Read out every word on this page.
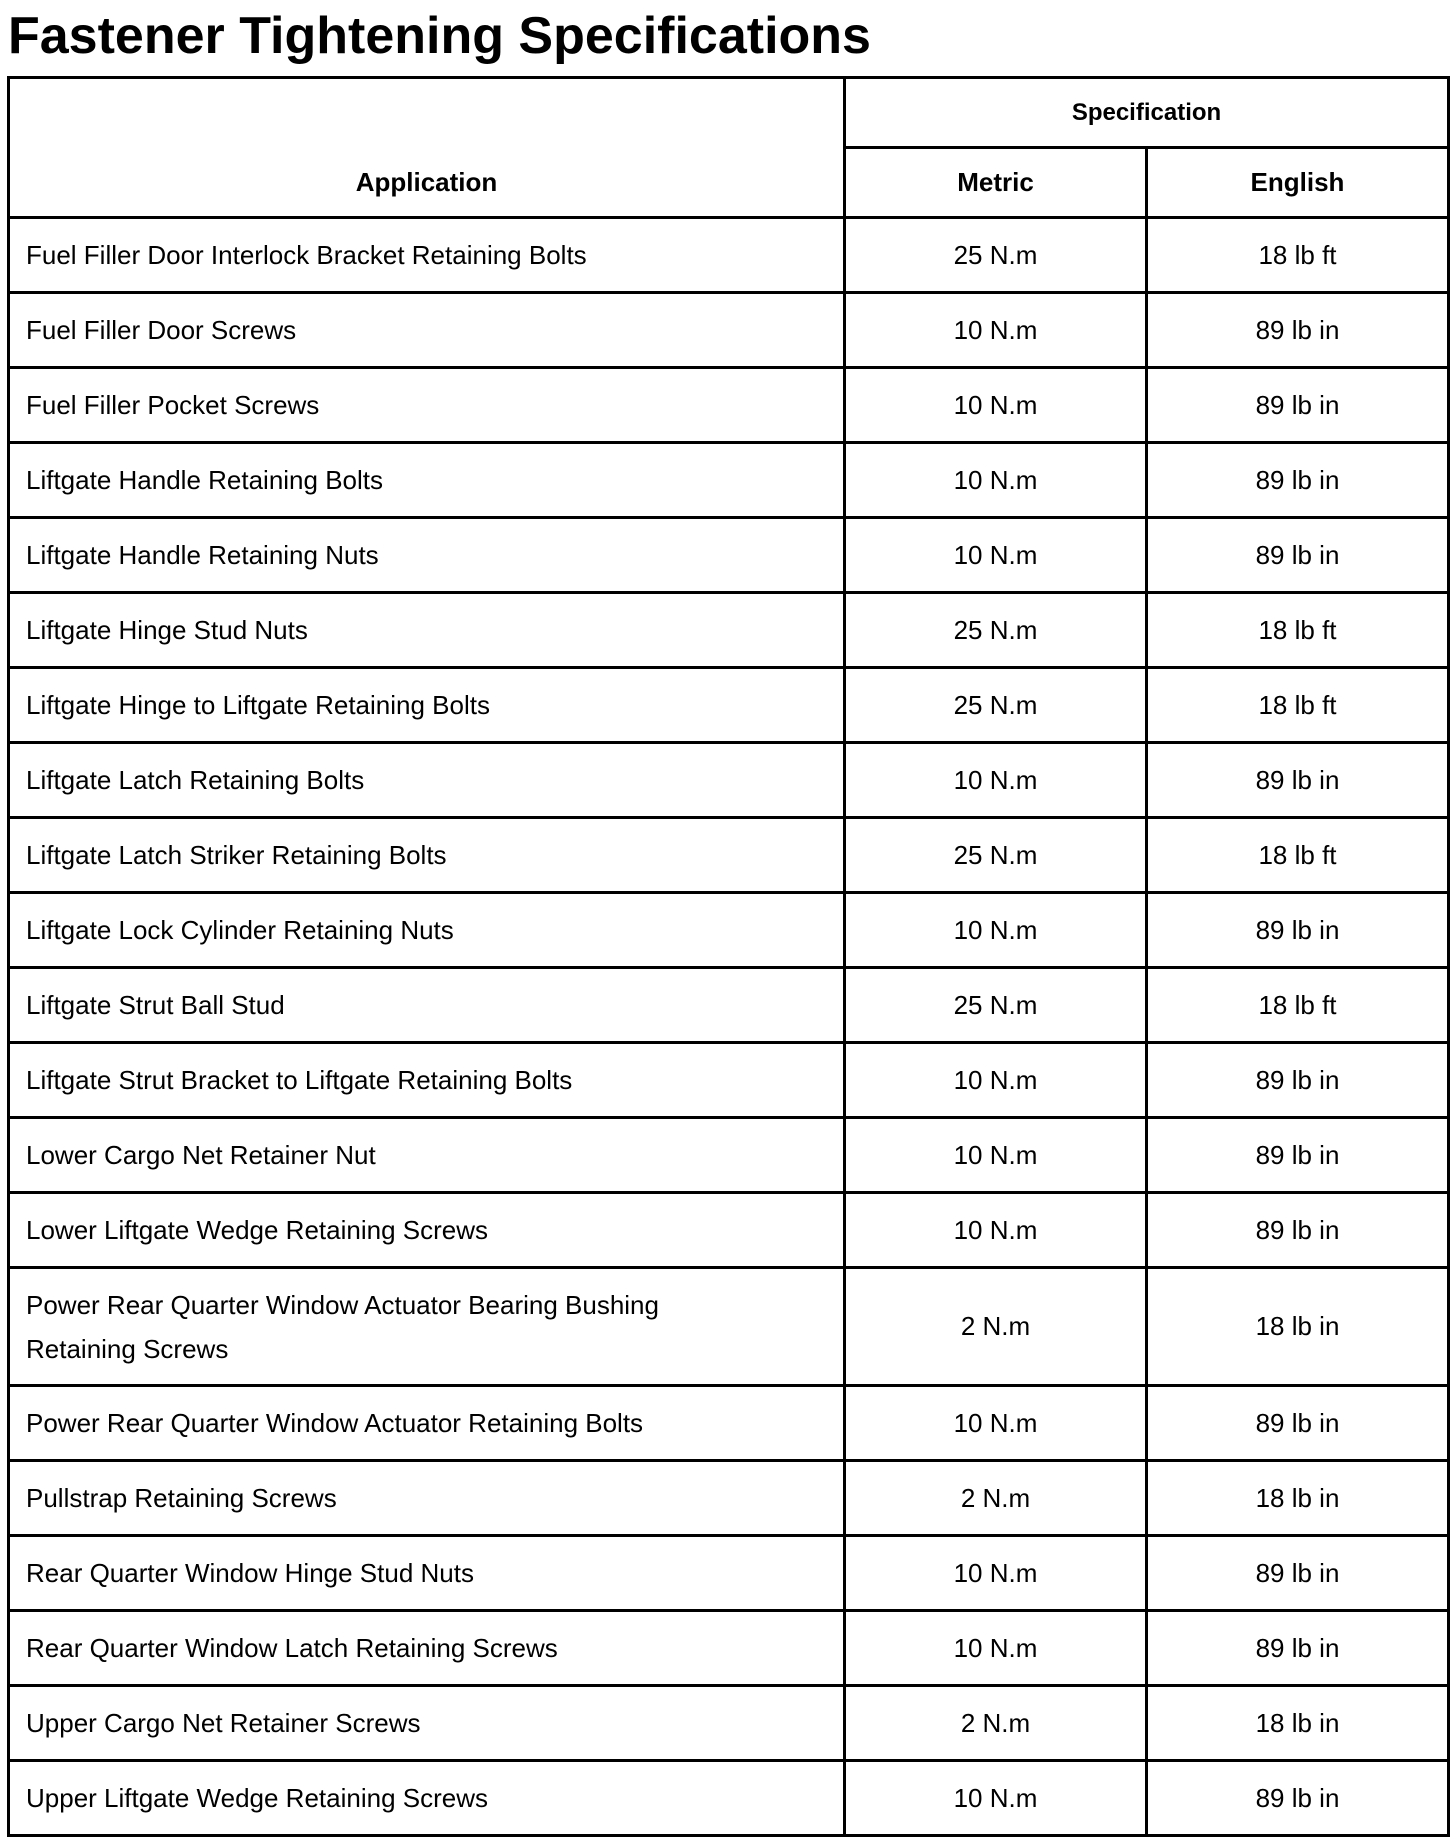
Fastener Tightening Specifications
Application	Specification	
	Metric	English
Fuel Filler Door Interlock Bracket Retaining Bolts	25 N.m	18 lb ft
Fuel Filler Door Screws	10 N.m	89 lb in
Fuel Filler Pocket Screws	10 N.m	89 lb in
Liftgate Handle Retaining Bolts	10 N.m	89 lb in
Liftgate Handle Retaining Nuts	10 N.m	89 lb in
Liftgate Hinge Stud Nuts	25 N.m	18 lb ft
Liftgate Hinge to Liftgate Retaining Bolts	25 N.m	18 lb ft
Liftgate Latch Retaining Bolts	10 N.m	89 lb in
Liftgate Latch Striker Retaining Bolts	25 N.m	18 lb ft
Liftgate Lock Cylinder Retaining Nuts	10 N.m	89 lb in
Liftgate Strut Ball Stud	25 N.m	18 lb ft
Liftgate Strut Bracket to Liftgate Retaining Bolts	10 N.m	89 lb in
Lower Cargo Net Retainer Nut	10 N.m	89 lb in
Lower Liftgate Wedge Retaining Screws	10 N.m	89 lb in

Power Rear Quarter Window Actuator Bearing Bushing Retaining Screws	2 N.m	18 lb in
Power Rear Quarter Window Actuator Retaining Bolts	10 N.m	89 lb in
Pullstrap Retaining Screws	2 N.m	18 lb in
Rear Quarter Window Hinge Stud Nuts	10 N.m	89 lb in
Rear Quarter Window Latch Retaining Screws	10 N.m	89 lb in
Upper Cargo Net Retainer Screws	2 N.m	18 lb in
Upper Liftgate Wedge Retaining Screws	10 N.m	89 lb in
